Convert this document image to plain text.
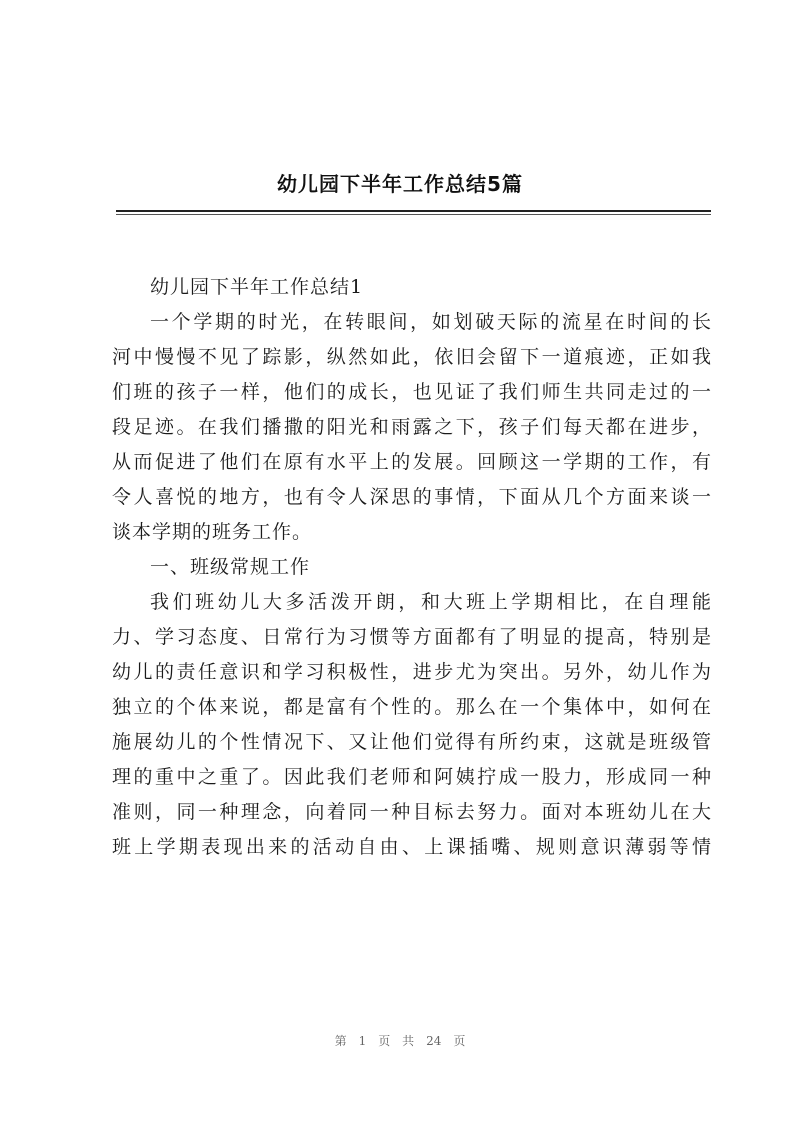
幼儿园下半年工作总结5篇
幼儿园下半年工作总结1
一个学期的时光，在转眼间，如划破天际的流星在时间的长
河中慢慢不见了踪影，纵然如此，依旧会留下一道痕迹，正如我
们班的孩子一样，他们的成长，也见证了我们师生共同走过的一
段足迹。在我们播撒的阳光和雨露之下，孩子们每天都在进步，
从而促进了他们在原有水平上的发展。回顾这一学期的工作，有
令人喜悦的地方，也有令人深思的事情，下面从几个方面来谈一
谈本学期的班务工作。
一、班级常规工作
我们班幼儿大多活泼开朗，和大班上学期相比，在自理能
力、学习态度、日常行为习惯等方面都有了明显的提高，特别是
幼儿的责任意识和学习积极性，进步尤为突出。另外，幼儿作为
独立的个体来说，都是富有个性的。那么在一个集体中，如何在
施展幼儿的个性情况下、又让他们觉得有所约束，这就是班级管
理的重中之重了。因此我们老师和阿姨拧成一股力，形成同一种
准则，同一种理念，向着同一种目标去努力。面对本班幼儿在大
班上学期表现出来的活动自由、上课插嘴、规则意识薄弱等情
第 1 页 共 24 页
